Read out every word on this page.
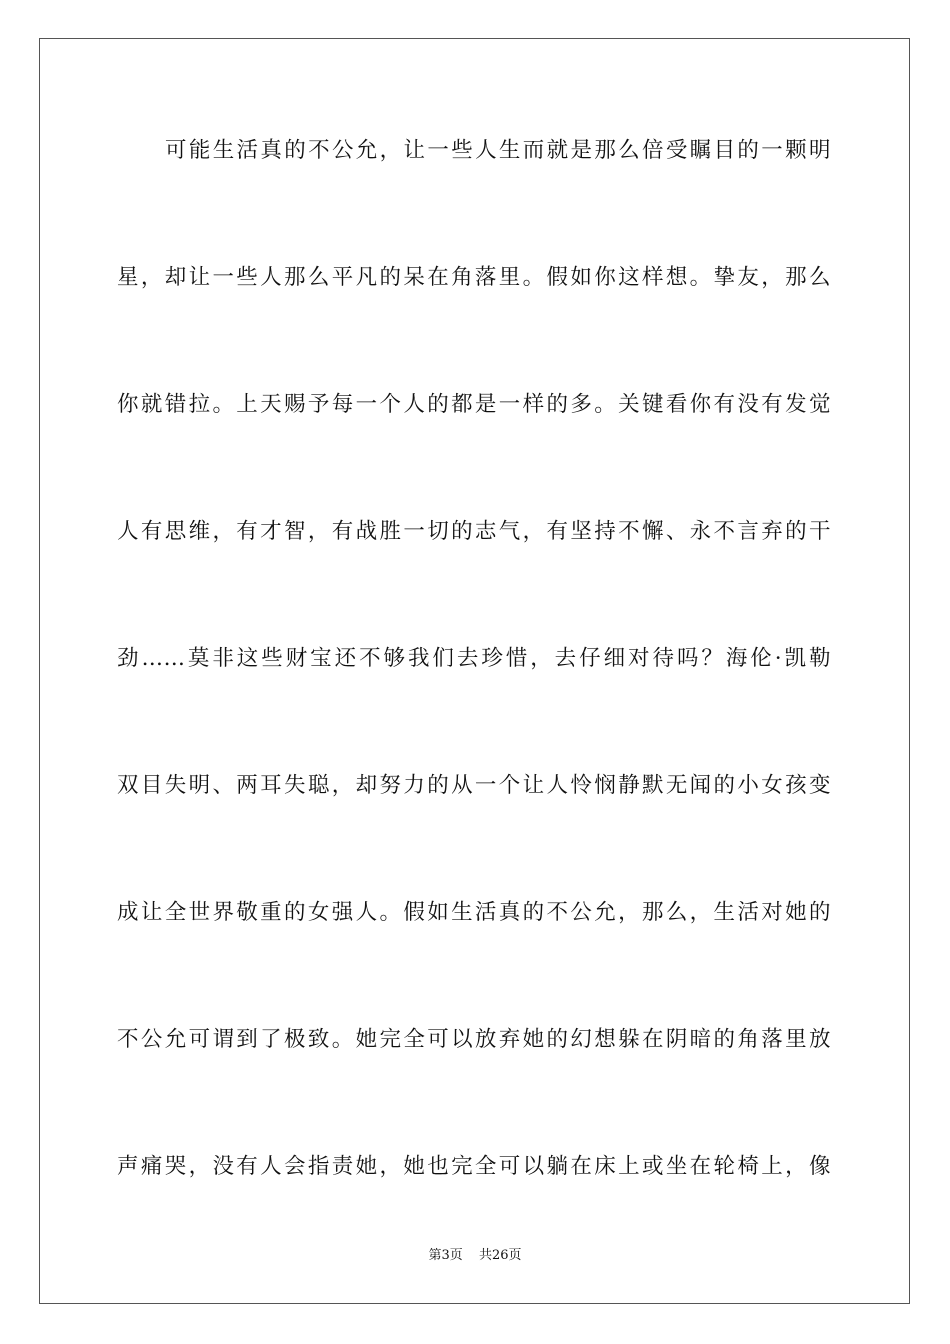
可能生活真的不公允，让一些人生而就是那么倍受瞩目的一颗明
星，却让一些人那么平凡的呆在角落里。假如你这样想。挚友，那么
你就错拉。上天赐予每一个人的都是一样的多。关键看你有没有发觉
人有思维，有才智，有战胜一切的志气，有坚持不懈、永不言弃的干
劲……莫非这些财宝还不够我们去珍惜，去仔细对待吗？海伦·凯勒
双目失明、两耳失聪，却努力的从一个让人怜悯静默无闻的小女孩变
成让全世界敬重的女强人。假如生活真的不公允，那么，生活对她的
不公允可谓到了极致。她完全可以放弃她的幻想躲在阴暗的角落里放
声痛哭，没有人会指责她，她也完全可以躺在床上或坐在轮椅上，像
第3页 共26页
